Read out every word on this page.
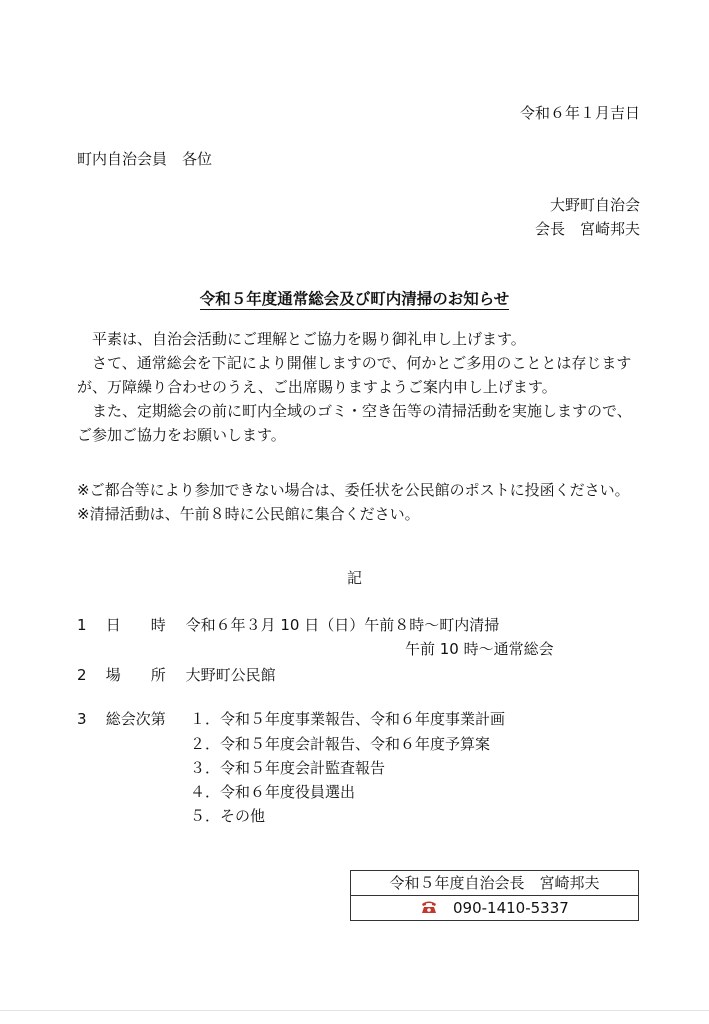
令和６年１月吉日
町内自治会員　各位
大野町自治会
会長　宮崎邦夫
令和５年度通常総会及び町内清掃のお知らせ

　平素は、自治会活動にご理解とご協力を賜り御礼申し上げます。

　さて、通常総会を下記により開催しますので、何かとご多用のこととは存じますが、万障繰り合わせのうえ、ご出席賜りますようご案内申し上げます。

　また、定期総会の前に町内全域のゴミ・空き缶等の清掃活動を実施しますので、ご参加ご協力をお願いします。

※ご都合等により参加できない場合は、委任状を公民館のポストに投函ください。

※清掃活動は、午前８時に公民館に集合ください。

記
1 日　　時　 令和６年３月 10 日（日）午前８時～町内清掃
午前 10 時～通常総会
2 場　　所　 大野町公民館
3 総会次第 １．令和５年度事業報告、令和６年度事業計画
２．令和５年度会計報告、令和６年度予算案
３．令和５年度会計監査報告
４．令和６年度役員選出
５．その他
令和５年度自治会長　宮崎邦夫
090-1410-5337
